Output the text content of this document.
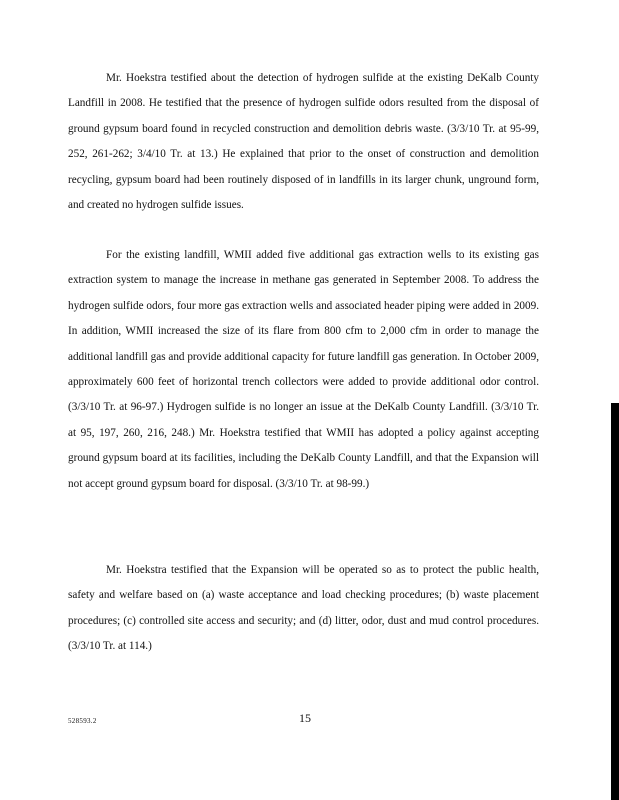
Mr. Hoekstra testified about the detection of hydrogen sulfide at the existing DeKalb County Landfill in 2008. He testified that the presence of hydrogen sulfide odors resulted from the disposal of ground gypsum board found in recycled construction and demolition debris waste. (3/3/10 Tr. at 95-99, 252, 261-262; 3/4/10 Tr. at 13.) He explained that prior to the onset of construction and demolition recycling, gypsum board had been routinely disposed of in landfills in its larger chunk, unground form, and created no hydrogen sulfide issues.

For the existing landfill, WMII added five additional gas extraction wells to its existing gas extraction system to manage the increase in methane gas generated in September 2008. To address the hydrogen sulfide odors, four more gas extraction wells and associated header piping were added in 2009. In addition, WMII increased the size of its flare from 800 cfm to 2,000 cfm in order to manage the additional landfill gas and provide additional capacity for future landfill gas generation. In October 2009, approximately 600 feet of horizontal trench collectors were added to provide additional odor control. (3/3/10 Tr. at 96-97.) Hydrogen sulfide is no longer an issue at the DeKalb County Landfill. (3/3/10 Tr. at 95, 197, 260, 216, 248.) Mr. Hoekstra testified that WMII has adopted a policy against accepting ground gypsum board at its facilities, including the DeKalb County Landfill, and that the Expansion will not accept ground gypsum board for disposal. (3/3/10 Tr. at 98-99.)

Mr. Hoekstra testified that the Expansion will be operated so as to protect the public health, safety and welfare based on (a) waste acceptance and load checking procedures; (b) waste placement procedures; (c) controlled site access and security; and (d) litter, odor, dust and mud control procedures. (3/3/10 Tr. at 114.)

528593.2	15
